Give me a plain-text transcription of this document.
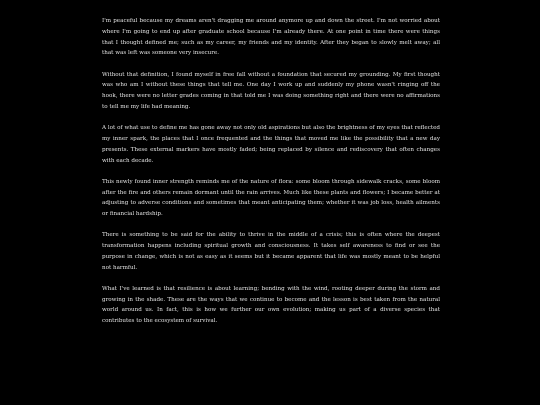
I'm peaceful because my dreams aren't dragging me around anymore up and down the street. I'm not worried about where I'm going to end up after graduate school because I'm already there. At one point in time there were things that I thought defined me; such as my career, my friends and my identity. After they began to slowly melt away; all that was left was someone very insecure.

Without that definition, I found myself in free fall without a foundation that secured my grounding. My first thought was who am I without these things that tell me. One day I work up and suddenly my phone wasn't ringing off the hook, there were no letter grades coming in that told me I was doing something right and there were no affirmations to tell me my life had meaning.

A lot of what use to define me has gone away not only old aspirations but also the brightness of my eyes that reflected my inner spark, the places that I once frequented and the things that moved me like the possibility that a new day presents. These external markers have mostly faded; being replaced by silence and rediscovery that often changes with each decade.

This newly found inner strength reminds me of the nature of flora: some bloom through sidewalk cracks, some bloom after the fire and others remain dormant until the rain arrives. Much like these plants and flowers; I became better at adjusting to adverse conditions and sometimes that meant anticipating them; whether it was job loss, health ailments or financial hardship.

There is something to be said for the ability to thrive in the middle of a crisis; this is often where the deepest transformation happens including spiritual growth and consciousness. It takes self awareness to find or see the purpose in change, which is not as easy as it seems but it became apparent that life was mostly meant to be helpful not harmful.

What I've learned is that resilience is about learning; bending with the wind, rooting deeper during the storm and growing in the shade. These are the ways that we continue to become and the lesson is best taken from the natural world around us. In fact, this is how we further our own evolution; making us part of a diverse species that contributes to the ecosystem of survival.
